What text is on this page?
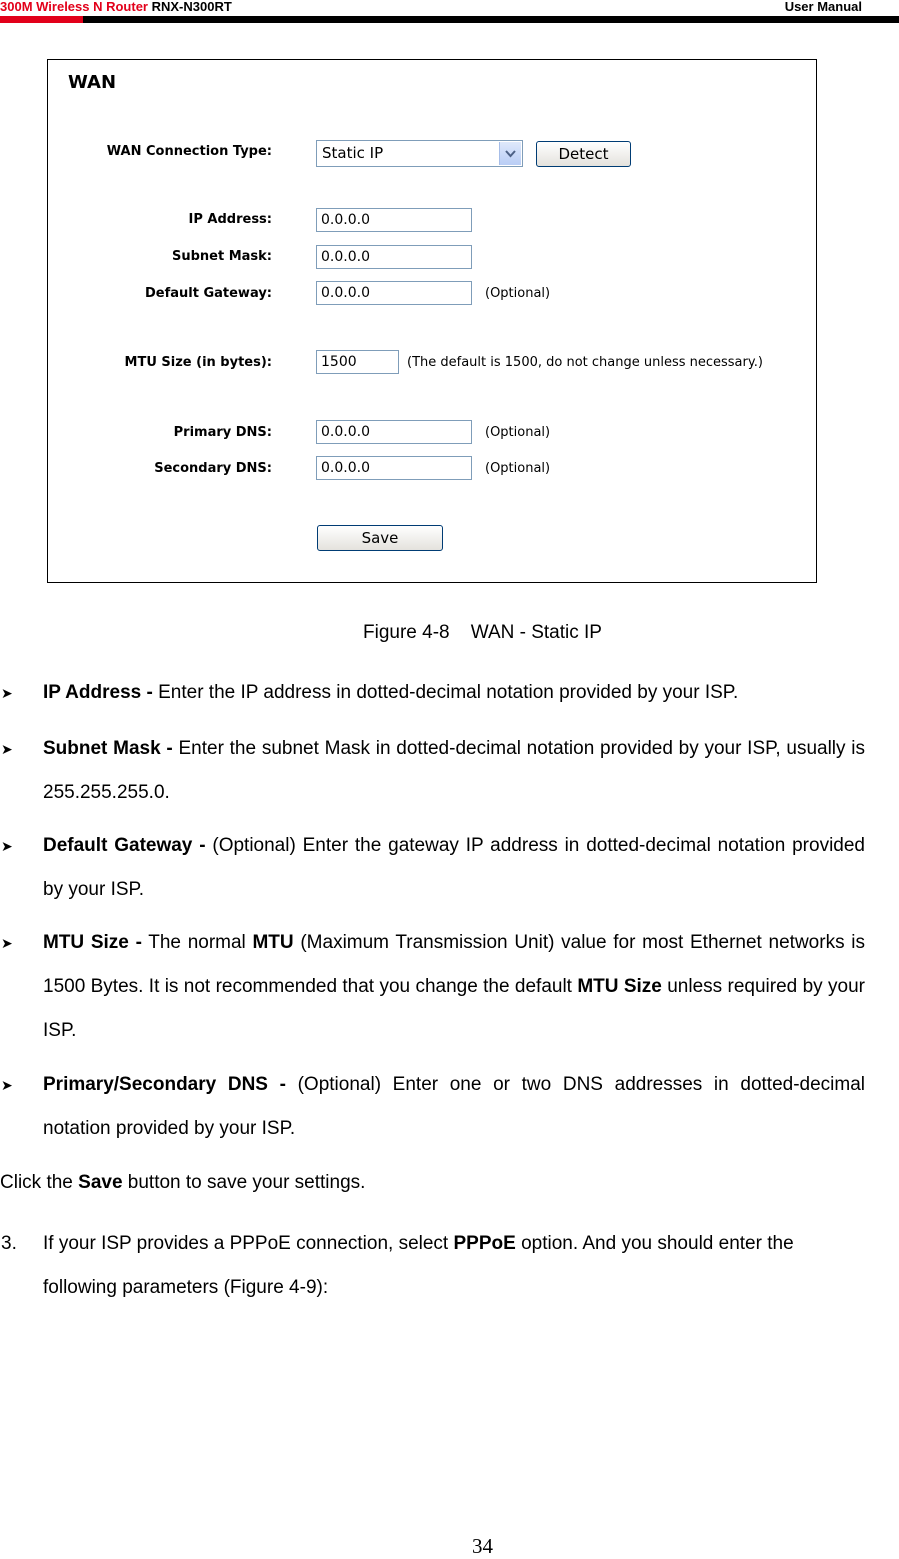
300M Wireless N Router RNX-N300RT	User Manual
WAN
WAN Connection Type:	Static IP	Detect
IP Address:	0.0.0.0
Subnet Mask:	0.0.0.0
Default Gateway:	0.0.0.0	(Optional)
MTU Size (in bytes):	1500	(The default is 1500, do not change unless necessary.)
Primary DNS:	0.0.0.0	(Optional)
Secondary DNS:	0.0.0.0	(Optional)
Save
Figure 4-8    WAN - Static IP
➤ IP Address - Enter the IP address in dotted-decimal notation provided by your ISP.
➤ Subnet Mask - Enter the subnet Mask in dotted-decimal notation provided by your ISP, usually is 255.255.255.0.
➤ Default Gateway - (Optional) Enter the gateway IP address in dotted-decimal notation provided by your ISP.
➤ MTU Size - The normal MTU (Maximum Transmission Unit) value for most Ethernet networks is 1500 Bytes. It is not recommended that you change the default MTU Size unless required by your ISP.
➤ Primary/Secondary DNS - (Optional) Enter one or two DNS addresses in dotted-decimal notation provided by your ISP.
Click the Save button to save your settings.
3. If your ISP provides a PPPoE connection, select PPPoE option. And you should enter the following parameters (Figure 4-9):
34
